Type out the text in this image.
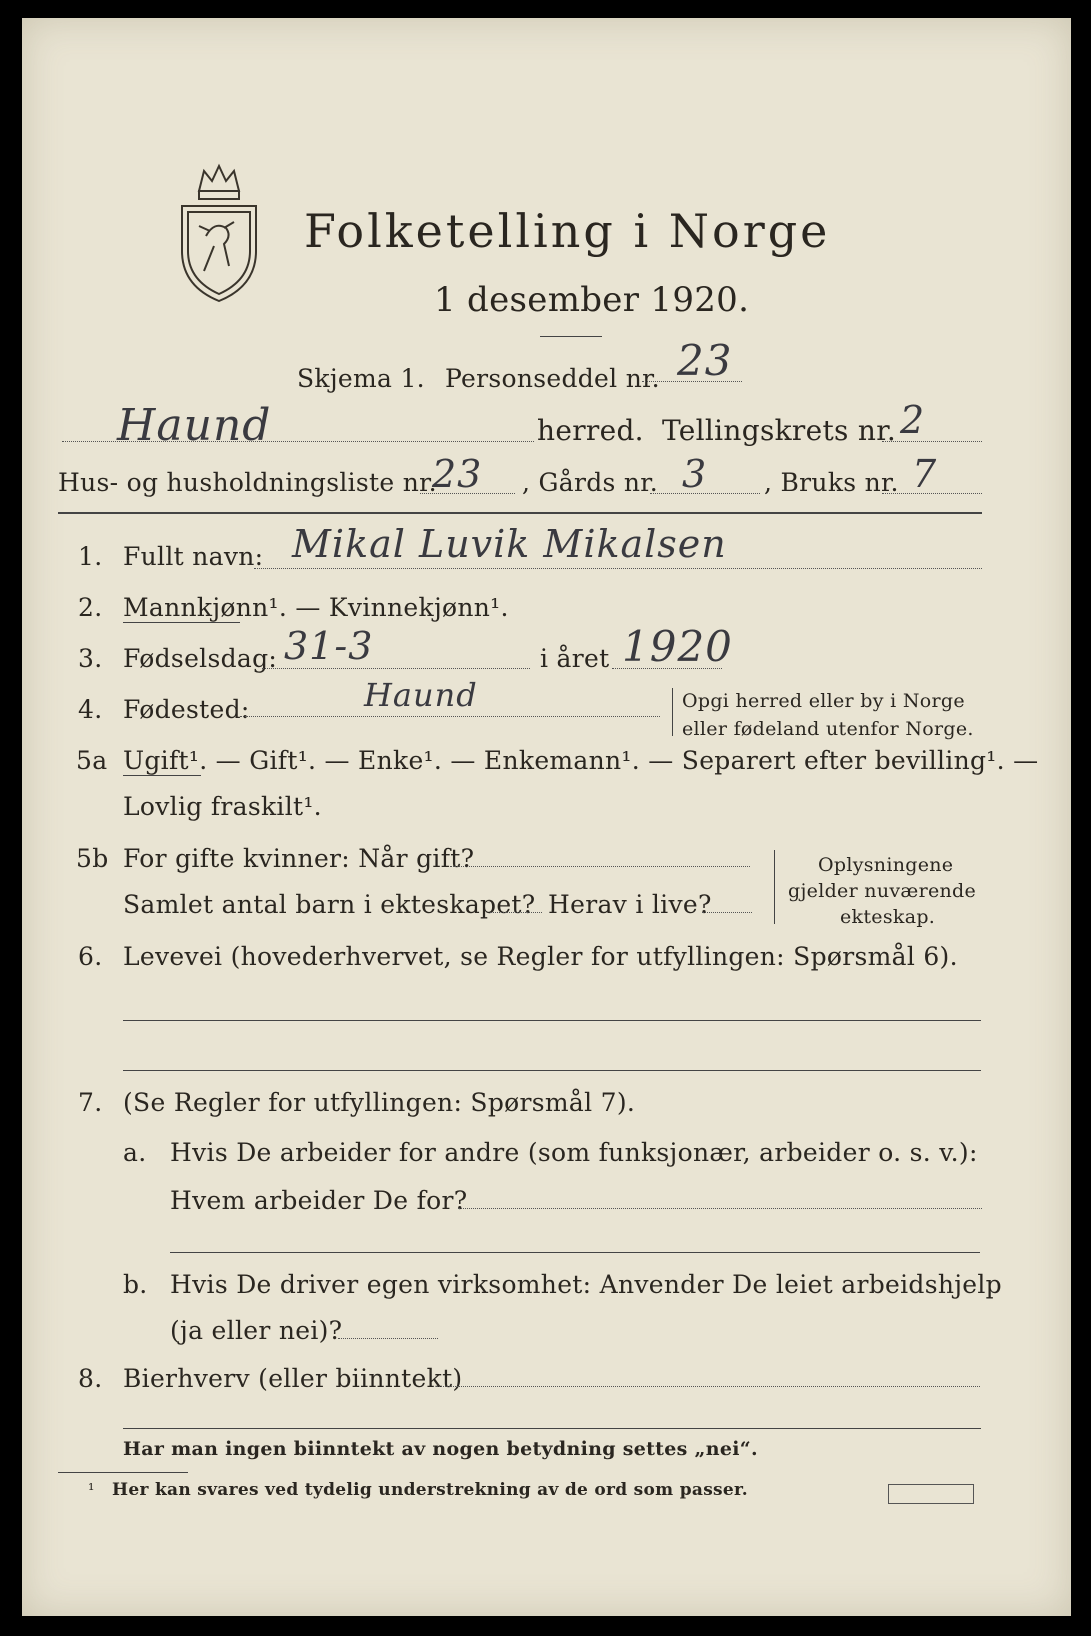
Folketelling i Norge
1 desember 1920.
Skjema 1. Personseddel nr. 23
Haund	herred. Tellingskrets nr. 2
Hus- og husholdningsliste nr.
23 , Gårds nr. 3 , Bruks nr. 7
1. Fullt navn: Mikal Luvik Mikalsen
2. Mannkjønn¹. — Kvinnekjønn¹.
3. Fødselsdag: 31-3	i året 1920
4. Fødested:	Haund	Opgi herred eller by i Norge
eller fødeland utenfor Norge.
5a Ugift¹. — Gift¹. — Enke¹. — Enkemann¹. — Separert efter bevilling¹. —
Lovlig fraskilt¹.
5b For gifte kvinner: Når gift?
Samlet antal barn i ekteskapet? Herav i live?
Oplysningene
gjelder nuværende
ekteskap.
6. Levevei (hovederhvervet, se Regler for utfyllingen: Spørsmål 6).
7. (Se Regler for utfyllingen: Spørsmål 7).
a. Hvis De arbeider for andre (som funksjonær, arbeider o. s. v.):
Hvem arbeider De for?
b. Hvis De driver egen virksomhet: Anvender De leiet arbeidshjelp
(ja eller nei)?
8. Bierhverv (eller biinntekt)
Har man ingen biinntekt av nogen betydning settes „nei“.
¹ Her kan svares ved tydelig understrekning av de ord som passer.
